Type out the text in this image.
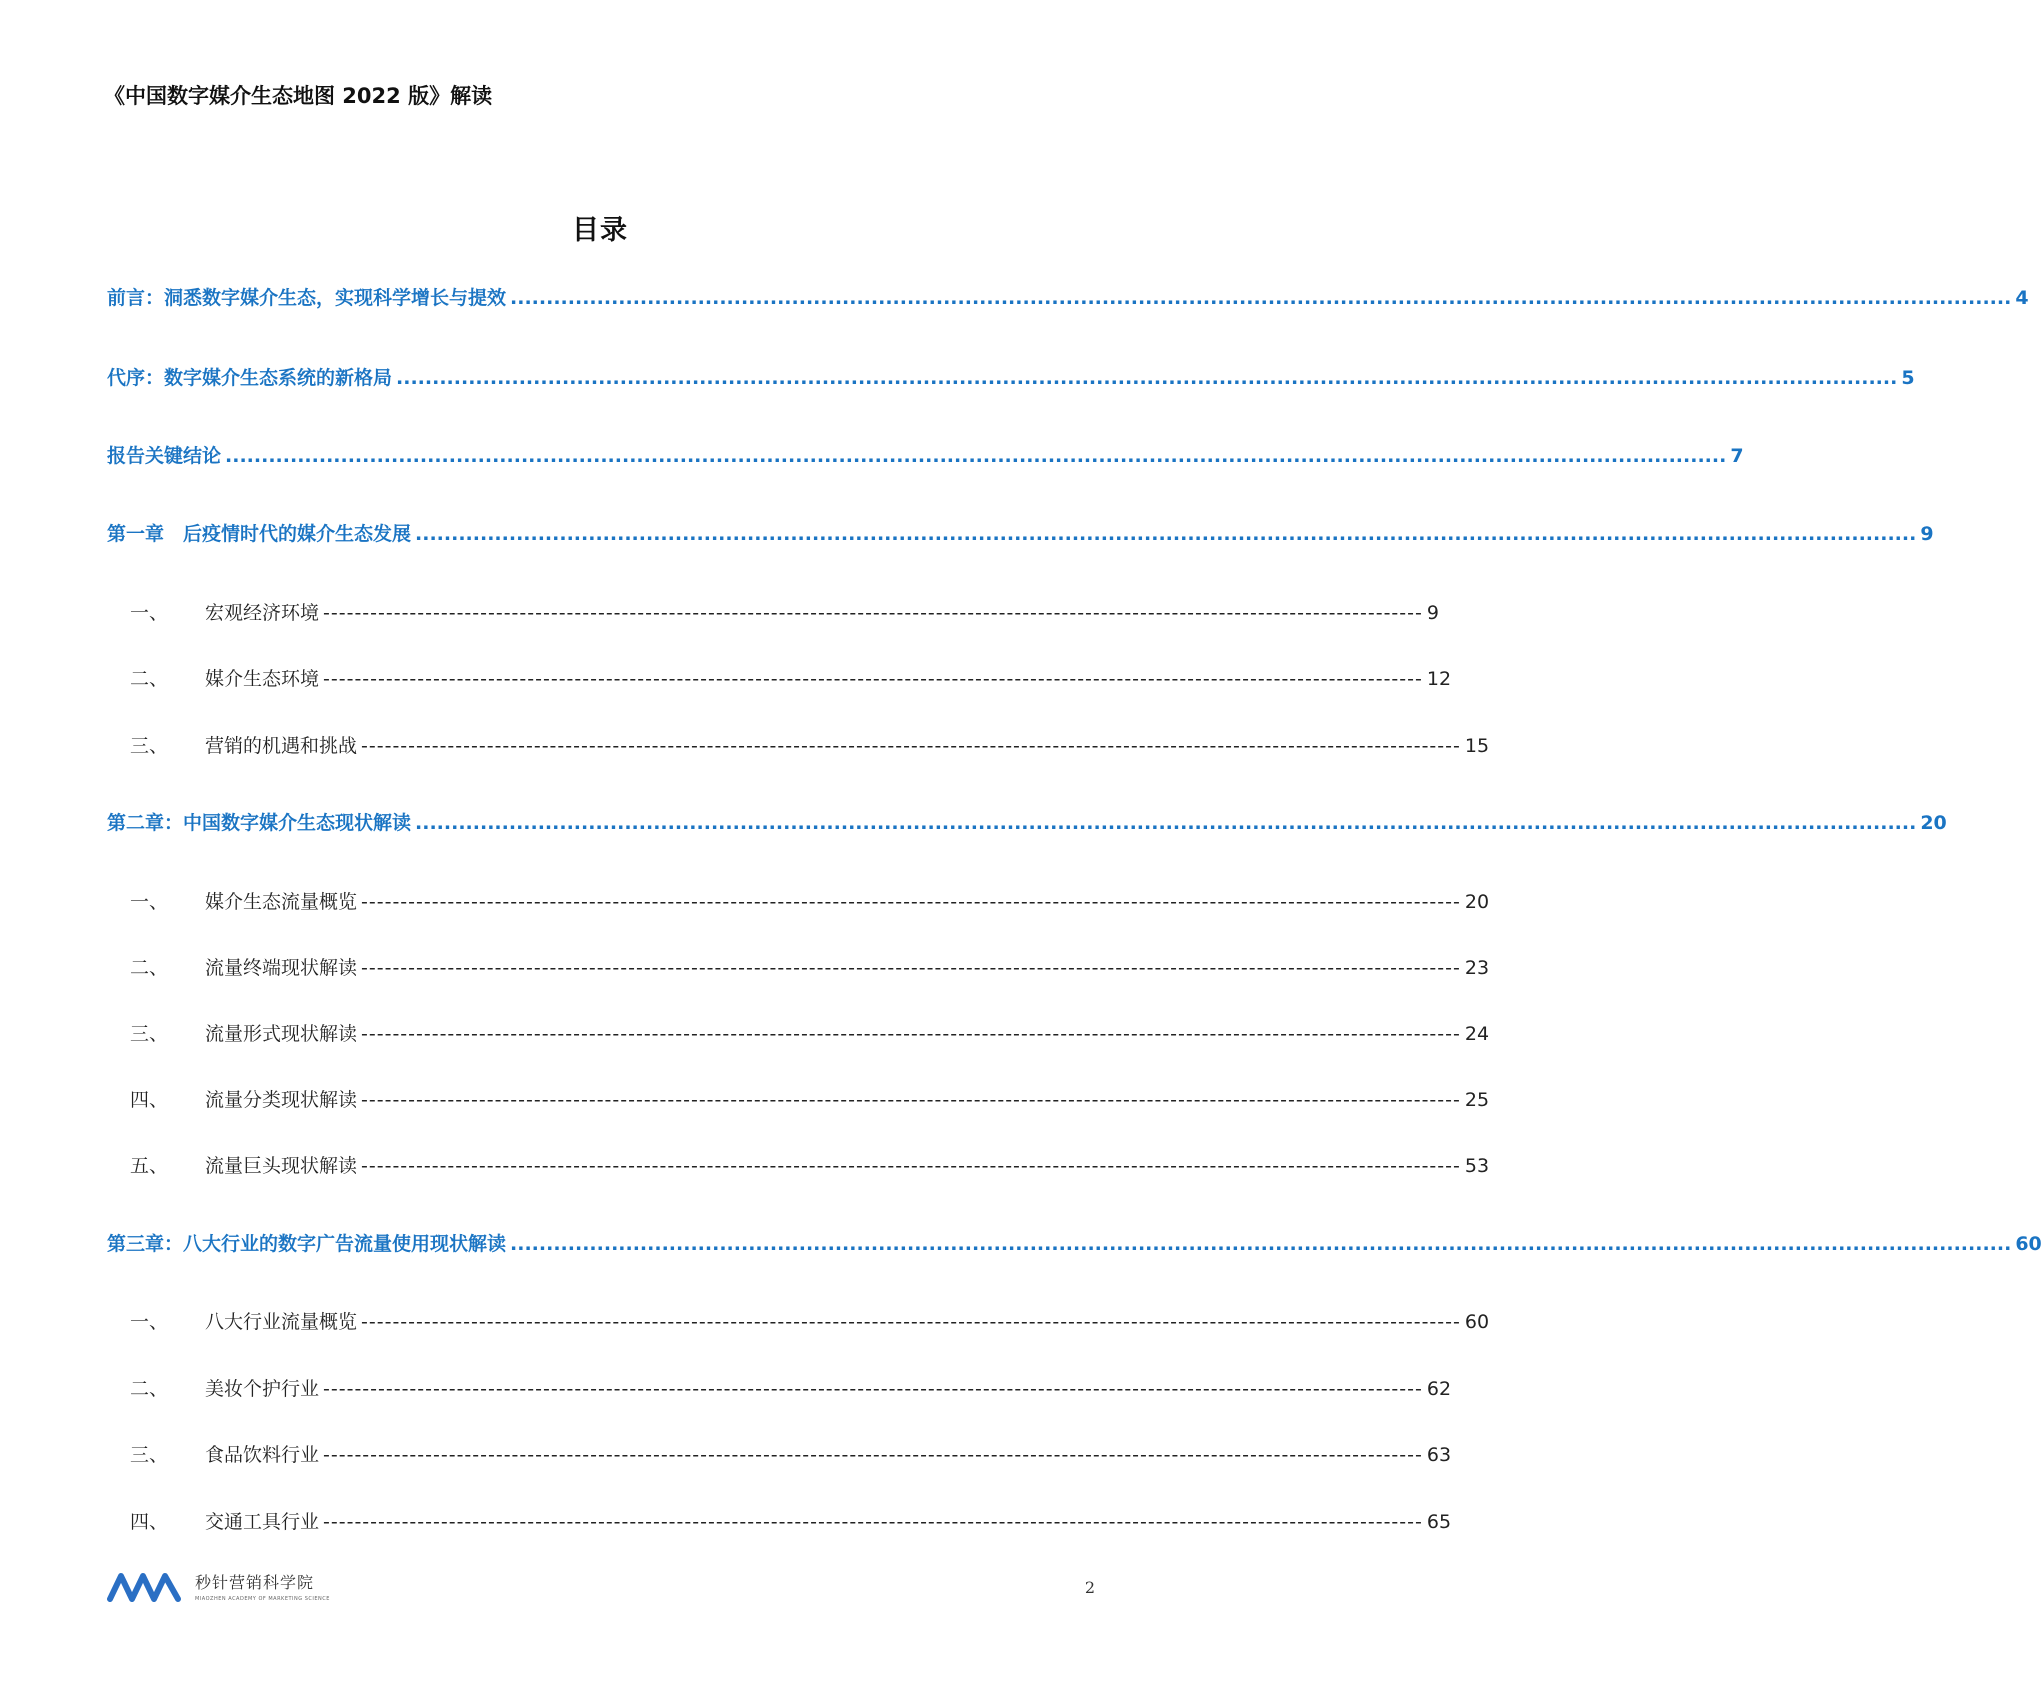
《中国数字媒介生态地图 2022 版》解读
目录
前言：洞悉数字媒介生态，实现科学增长与提效 ................................................................................................................................................................................................................ 4
代序：数字媒介生态系统的新格局 ................................................................................................................................................................................................................ 5
报告关键结论 ................................................................................................................................................................................................................ 7
第一章　后疫情时代的媒介生态发展 ................................................................................................................................................................................................................ 9
一、 宏观经济环境 -------------------------------------------------------------------------------------------------------------------------------------------- 9
二、 媒介生态环境 -------------------------------------------------------------------------------------------------------------------------------------------- 12
三、 营销的机遇和挑战 -------------------------------------------------------------------------------------------------------------------------------------------- 15
第二章：中国数字媒介生态现状解读 ................................................................................................................................................................................................................ 20
一、 媒介生态流量概览 -------------------------------------------------------------------------------------------------------------------------------------------- 20
二、 流量终端现状解读 -------------------------------------------------------------------------------------------------------------------------------------------- 23
三、 流量形式现状解读 -------------------------------------------------------------------------------------------------------------------------------------------- 24
四、 流量分类现状解读 -------------------------------------------------------------------------------------------------------------------------------------------- 25
五、 流量巨头现状解读 -------------------------------------------------------------------------------------------------------------------------------------------- 53
第三章：八大行业的数字广告流量使用现状解读 ................................................................................................................................................................................................................ 60
一、 八大行业流量概览 -------------------------------------------------------------------------------------------------------------------------------------------- 60
二、 美妆个护行业 -------------------------------------------------------------------------------------------------------------------------------------------- 62
三、 食品饮料行业 -------------------------------------------------------------------------------------------------------------------------------------------- 63
四、 交通工具行业 -------------------------------------------------------------------------------------------------------------------------------------------- 65
秒针营销科学院
MIAOZHEN ACADEMY OF MARKETING SCIENCE
2
